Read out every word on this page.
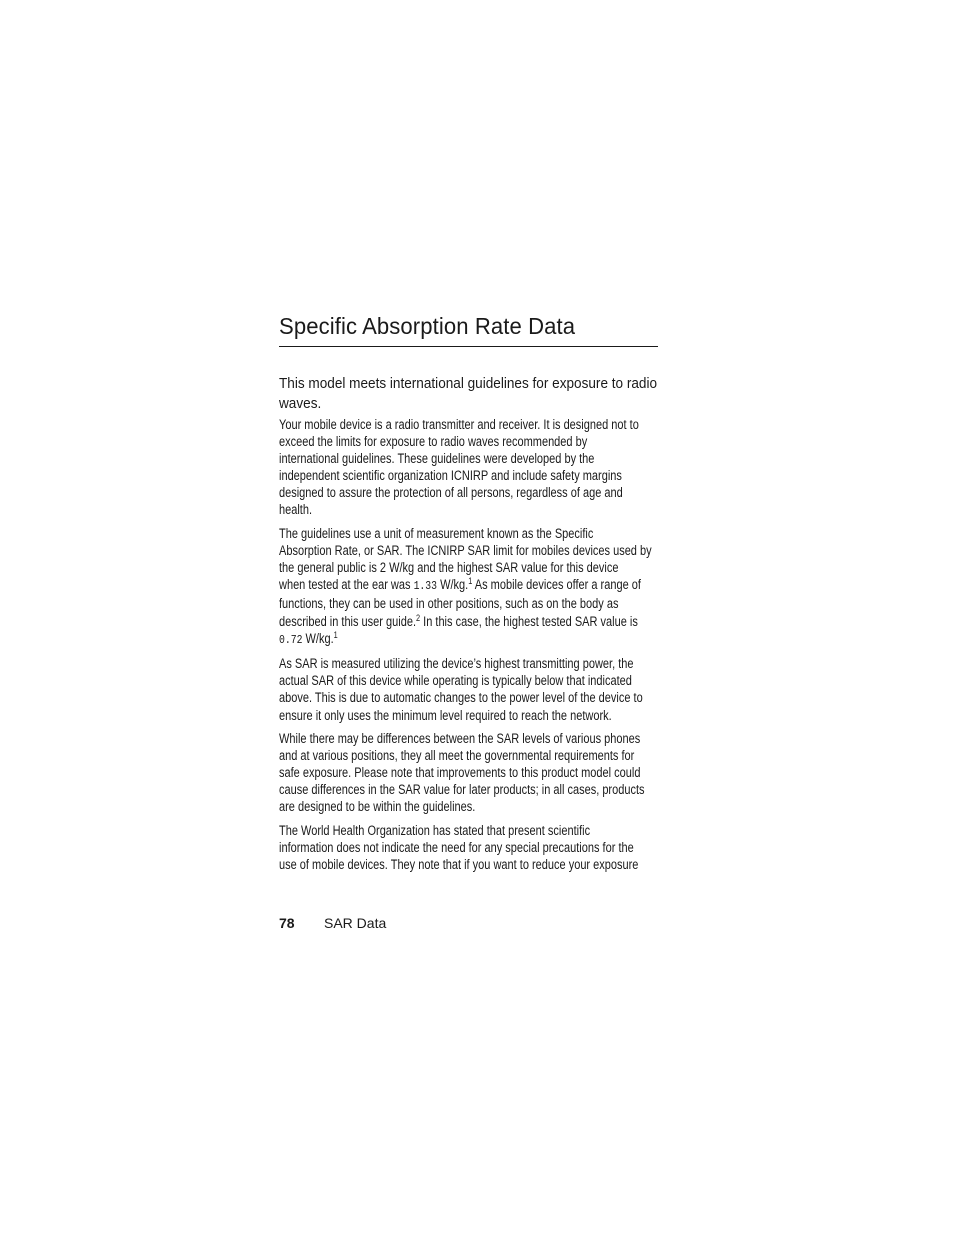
Specific Absorption Rate Data

This model meets international guidelines for exposure to radio waves.

Your mobile device is a radio transmitter and receiver. It is designed not to
exceed the limits for exposure to radio waves recommended by
international guidelines. These guidelines were developed by the
independent scientific organization ICNIRP and include safety margins
designed to assure the protection of all persons, regardless of age and
health.
The guidelines use a unit of measurement known as the Specific
Absorption Rate, or SAR. The ICNIRP SAR limit for mobiles devices used by
the general public is 2 W/kg and the highest SAR value for this device
when tested at the ear was 1.33 W/kg.$^1$ As mobile devices offer a range of
functions, they can be used in other positions, such as on the body as
described in this user guide.$^2$ In this case, the highest tested SAR value is
0.72 W/kg.$^1$
As SAR is measured utilizing the device’s highest transmitting power, the
actual SAR of this device while operating is typically below that indicated
above. This is due to automatic changes to the power level of the device to
ensure it only uses the minimum level required to reach the network.
While there may be differences between the SAR levels of various phones
and at various positions, they all meet the governmental requirements for
safe exposure. Please note that improvements to this product model could
cause differences in the SAR value for later products; in all cases, products
are designed to be within the guidelines.
The World Health Organization has stated that present scientific
information does not indicate the need for any special precautions for the
use of mobile devices. They note that if you want to reduce your exposure
78 SAR Data
